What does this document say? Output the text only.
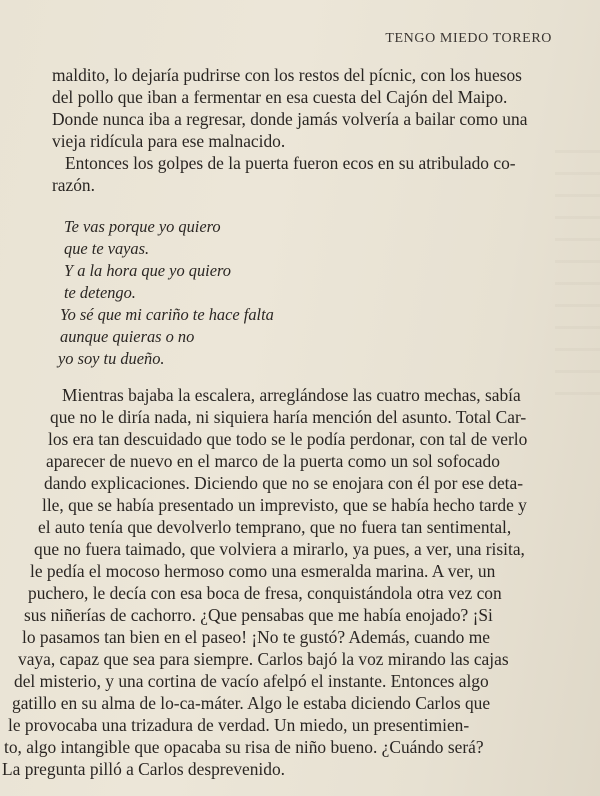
TENGO MIEDO TORERO
maldito, lo dejaría pudrirse con los restos del pícnic, con los huesos
del pollo que iban a fermentar en esa cuesta del Cajón del Maipo.
Donde nunca iba a regresar, donde jamás volvería a bailar como una
vieja ridícula para ese malnacido.
Entonces los golpes de la puerta fueron ecos en su atribulado co-
razón.
Te vas porque yo quiero
que te vayas.
Y a la hora que yo quiero
te detengo.
Yo sé que mi cariño te hace falta
aunque quieras o no
yo soy tu dueño.
Mientras bajaba la escalera, arreglándose las cuatro mechas, sabía
que no le diría nada, ni siquiera haría mención del asunto. Total Car-
los era tan descuidado que todo se le podía perdonar, con tal de verlo
aparecer de nuevo en el marco de la puerta como un sol sofocado
dando explicaciones. Diciendo que no se enojara con él por ese deta-
lle, que se había presentado un imprevisto, que se había hecho tarde y
el auto tenía que devolverlo temprano, que no fuera tan sentimental,
que no fuera taimado, que volviera a mirarlo, ya pues, a ver, una risita,
le pedía el mocoso hermoso como una esmeralda marina. A ver, un
puchero, le decía con esa boca de fresa, conquistándola otra vez con
sus niñerías de cachorro. ¿Que pensabas que me había enojado? ¡Si
lo pasamos tan bien en el paseo! ¡No te gustó? Además, cuando me
vaya, capaz que sea para siempre. Carlos bajó la voz mirando las cajas
del misterio, y una cortina de vacío afelpó el instante. Entonces algo
gatillo en su alma de lo-ca-máter. Algo le estaba diciendo Carlos que
le provocaba una trizadura de verdad. Un miedo, un presentimien-
to, algo intangible que opacaba su risa de niño bueno. ¿Cuándo será?
La pregunta pilló a Carlos desprevenido.
